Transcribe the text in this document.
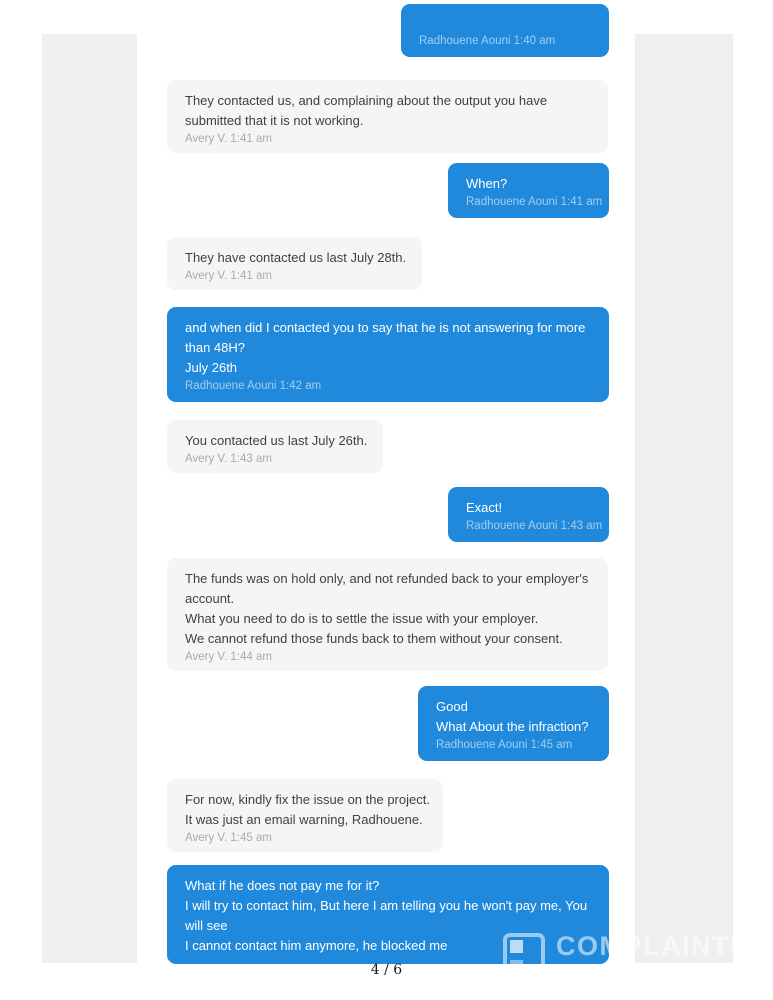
Radhouene Aouni 1:40 am
They contacted us, and complaining about the output you have
submitted that it is not working.
Avery V. 1:41 am
When?
Radhouene Aouni 1:41 am
They have contacted us last July 28th.
Avery V. 1:41 am
and when did I contacted you to say that he is not answering for more
than 48H?
July 26th
Radhouene Aouni 1:42 am
You contacted us last July 26th.
Avery V. 1:43 am
Exact!
Radhouene Aouni 1:43 am
The funds was on hold only, and not refunded back to your employer's
account.
What you need to do is to settle the issue with your employer.
We cannot refund those funds back to them without your consent.
Avery V. 1:44 am
Good
What About the infraction?
Radhouene Aouni 1:45 am
For now, kindly fix the issue on the project.
It was just an email warning, Radhouene.
Avery V. 1:45 am
What if he does not pay me for it?
I will try to contact him, But here I am telling you he won't pay me, You
will see
I cannot contact him anymore, he blocked me	COMPLAINTS
BOARD
4 / 6
